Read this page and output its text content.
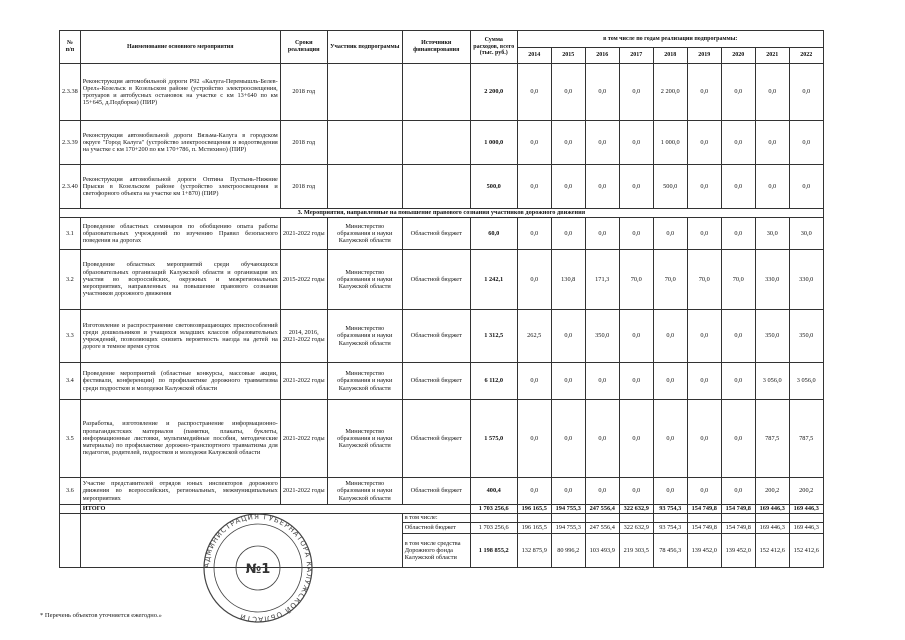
№
п/п	Наименование основного мероприятия	Сроки реализации	Участник подпрограммы	Источники финансирования	Сумма расходов, всего (тыс. руб.)	в том числе по годам реализации подпрограммы:								
						2014	2015	2016	2017	2018	2019	2020	2021	2022
2.3.38	Реконструкция автомобильной дороги Р92 «Калуга-Перемышль-Белев-Орел»-Козельск в Козельском районе (устройство электроосвещения, тротуаров и автобусных остановок на участке с км 13+640 по км 15+645, д.Подборки) (ПИР)	2018 год			2 200,0	0,0	0,0	0,0	0,0	2 200,0	0,0	0,0	0,0	0,0
2.3.39	Реконструкция автомобильной дороги Вязьма-Калуга в городском округе "Город Калуга" (устройство электроосвещения и водоотведения на участке с км 170+200 по км 170+786, п. Мстихино) (ПИР)	2018 год			1 000,0	0,0	0,0	0,0	0,0	1 000,0	0,0	0,0	0,0	0,0
2.3.40	Реконструкция автомобильной дороги Оптина Пустынь-Нижние Прыски в Козельском районе (устройство электроосвещения и светофорного объекта на участке км 1+870) (ПИР)	2018 год			500,0	0,0	0,0	0,0	0,0	500,0	0,0	0,0	0,0	0,0
3. Мероприятия, направленные на повышение правового сознания участников дорожного движения														
3.1	Проведение областных семинаров по обобщению опыта работы образовательных учреждений по изучению Правил безопасного поведения на дорогах	2021-2022 годы	Министерство образования и науки Калужской области	Областной бюджет	60,0	0,0	0,0	0,0	0,0	0,0	0,0	0,0	30,0	30,0
3.2	Проведение областных мероприятий среди обучающихся образовательных организаций Калужской области и организация их участия во всероссийских, окружных и межрегиональных мероприятиях, направленных на повышение правового сознания участников дорожного движения	2015-2022 годы	Министерство образования и науки Калужской области	Областной бюджет	1 242,1	0,0	130,8	171,3	70,0	70,0	70,0	70,0	330,0	330,0
3.3	Изготовление и распространение световозвращающих приспособлений среди дошкольников и учащихся младших классов образовательных учреждений, позволяющих снизить вероятность наезда на детей на дороге в темное время суток	2014, 2016, 2021-2022 годы	Министерство образования и науки Калужской области	Областной бюджет	1 312,5	262,5	0,0	350,0	0,0	0,0	0,0	0,0	350,0	350,0
3.4	Проведение мероприятий (областные конкурсы, массовые акции, фестивали, конференции) по профилактике дорожного травматизма среди подростков и молодежи Калужской области	2021-2022 годы	Министерство образования и науки Калужской области	Областной бюджет	6 112,0	0,0	0,0	0,0	0,0	0,0	0,0	0,0	3 056,0	3 056,0
3.5	Разработка, изготовление и распространение информационно-пропагандистских материалов (памятки, плакаты, буклеты, информационные листовки, мультимедийные пособия, методические материалы) по профилактике дорожно-транспортного травматизма для педагогов, родителей, подростков и молодежи Калужской области	2021-2022 годы	Министерство образования и науки Калужской области	Областной бюджет	1 575,0	0,0	0,0	0,0	0,0	0,0	0,0	0,0	787,5	787,5
3.6	Участие представителей отрядов юных инспекторов дорожного движения во всероссийских, региональных, межмуниципальных мероприятиях	2021-2022 годы	Министерство образования и науки Калужской области	Областной бюджет	400,4	0,0	0,0	0,0	0,0	0,0	0,0	0,0	200,2	200,2
	ИТОГО				1 703 256,6	196 165,5	194 755,3	247 556,4	322 632,9	93 754,3	154 749,8	154 749,8	169 446,3	169 446,3
				в том числе:										
				Областной бюджет	1 703 256,6	196 165,5	194 755,3	247 556,4	322 632,9	93 754,3	154 749,8	154 749,8	169 446,3	169 446,3
				в том числе средства Дорожного фонда Калужской области	1 198 855,2	132 875,9	80 996,2	103 493,9	219 303,5	78 456,3	139 452,0	139 452,0	152 412,6	152 412,6
АДМИНИСТРАЦИЯ ГУБЕРНАТОРА КАЛУЖСКОЙ ОБЛАСТИ
№1
* Перечень объектов уточняется ежегодно.»
